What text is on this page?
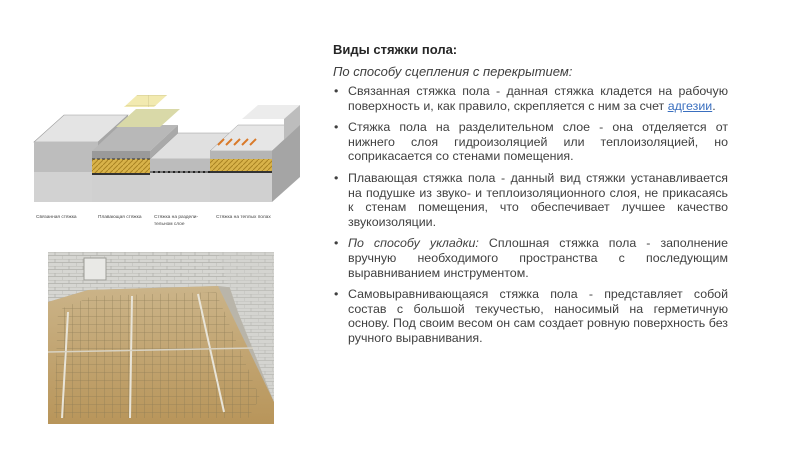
Связанная стяжка	Плавающая стяжка	Стяжка на раздели-
тельном слое
Стяжка на теплых полах
Виды стяжки пола:
По способу сцепления с перекрытием:
• Связанная стяжка пола - данная стяжка кладется на рабочую поверхность и, как правило, скрепляется с ним за счет адгезии.
• Стяжка пола на разделительном слое - она отделяется от нижнего слоя гидроизоляцией или теплоизоляцией, но соприкасается со стенами помещения.
• Плавающая стяжка пола - данный вид стяжки устанавливается на подушке из звуко- и теплоизоляционного слоя, не прикасаясь к стенам помещения, что обеспечивает лучшее качество звукоизоляции.
• По способу укладки: Сплошная стяжка пола - заполнение вручную необходимого пространства с последующим выравниванием инструментом.
• Самовыравнивающаяся стяжка пола - представляет собой состав с большой текучестью, наносимый на герметичную основу. Под своим весом он сам создает ровную поверхность без ручного выравнивания.
